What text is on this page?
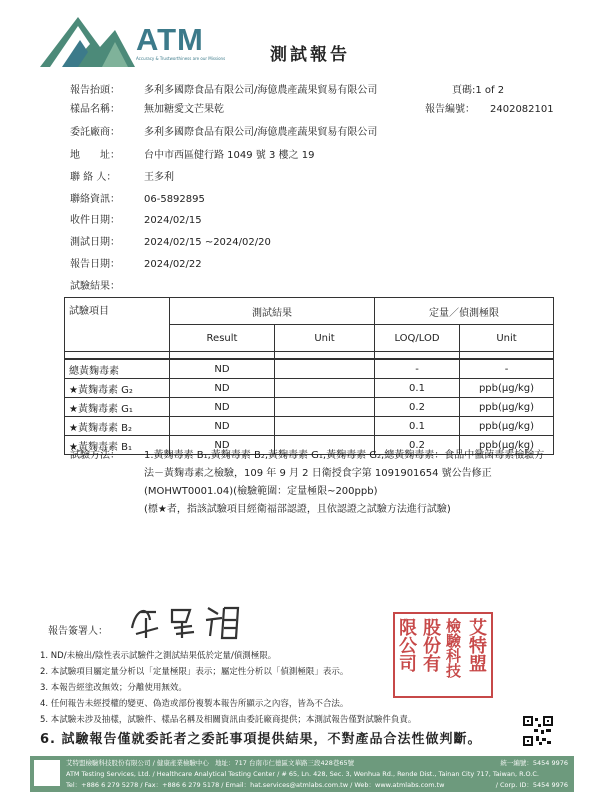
ATM
Accuracy & Trustworthiness are our Missions	測試報告
報告抬頭： 多利多國際食品有限公司/海億農產蔬果貿易有限公司	頁碼:1 of 2
樣品名稱： 無加糖愛文芒果乾	報告編號： 2402082101
委託廠商： 多利多國際食品有限公司/海億農產蔬果貿易有限公司
地　　址： 台中市西區健行路 1049 號 3 樓之 19
聯 絡 人：	王多利
聯絡資訊： 06-5892895
收件日期： 2024/02/15
測試日期： 2024/02/15 ~2024/02/20
報告日期： 2024/02/22
試驗結果：
試驗項目	測試結果		定量／偵測極限	
	Result	Unit	LOQ/LOD	Unit

總黃麴毒素	ND		-	-
★黃麴毒素 G₂	ND		0.1	ppb(μg/kg)
★黃麴毒素 G₁	ND		0.2	ppb(μg/kg)
★黃麴毒素 B₂	ND		0.1	ppb(μg/kg)
★黃麴毒素 B₁	ND		0.2	ppb(μg/kg)
試驗方法： 1.黃麴毒素 B₁,黃麴毒素 B₂,黃麴毒素 G₁,黃麴毒素 G₂,總黃麴毒素：食品中黴菌毒素檢驗方
法－黃麴毒素之檢驗，109 年 9 月 2 日衛授食字第 1091901654 號公告修正
(MOHWT0001.04)(檢驗範圍：定量極限~200ppb)
(標★者，指該試驗項目經衛福部認證，且依認證之試驗方法進行試驗)
報告簽署人：	限公司 股份有 檢驗科技 艾特盟
1. ND/未檢出/陰性表示試驗件之測試結果低於定量/偵測極限。
2. 本試驗項目屬定量分析以「定量極限」表示；屬定性分析以「偵測極限」表示。
3. 本報告經塗改無效；分離使用無效。
4. 任何報告未經授權的變更、偽造或部份複製本報告所顯示之內容，皆為不合法。
5. 本試驗未涉及抽樣，試驗件、樣品名稱及相關資訊由委託廠商提供；本測試報告僅對試驗件負責。
6. 試驗報告僅就委託者之委託事項提供結果，不對產品合法性做判斷。
艾特盟檢驗科技股份有限公司 / 健康產業檢驗中心 地址：717 台南市仁德區文華路三段428巷65號	統一編號：5454 9976
ATM Testing Services, Ltd. / Healthcare Analytical Testing Center / # 65, Ln. 428, Sec. 3, Wenhua Rd., Rende Dist., Tainan City 717, Taiwan, R.O.C.
Tel：+886 6 279 5278 / Fax：+886 6 279 5178 / Email：hat.services@atmlabs.com.tw / Web：www.atmlabs.com.tw	/ Corp. ID：5454 9976
